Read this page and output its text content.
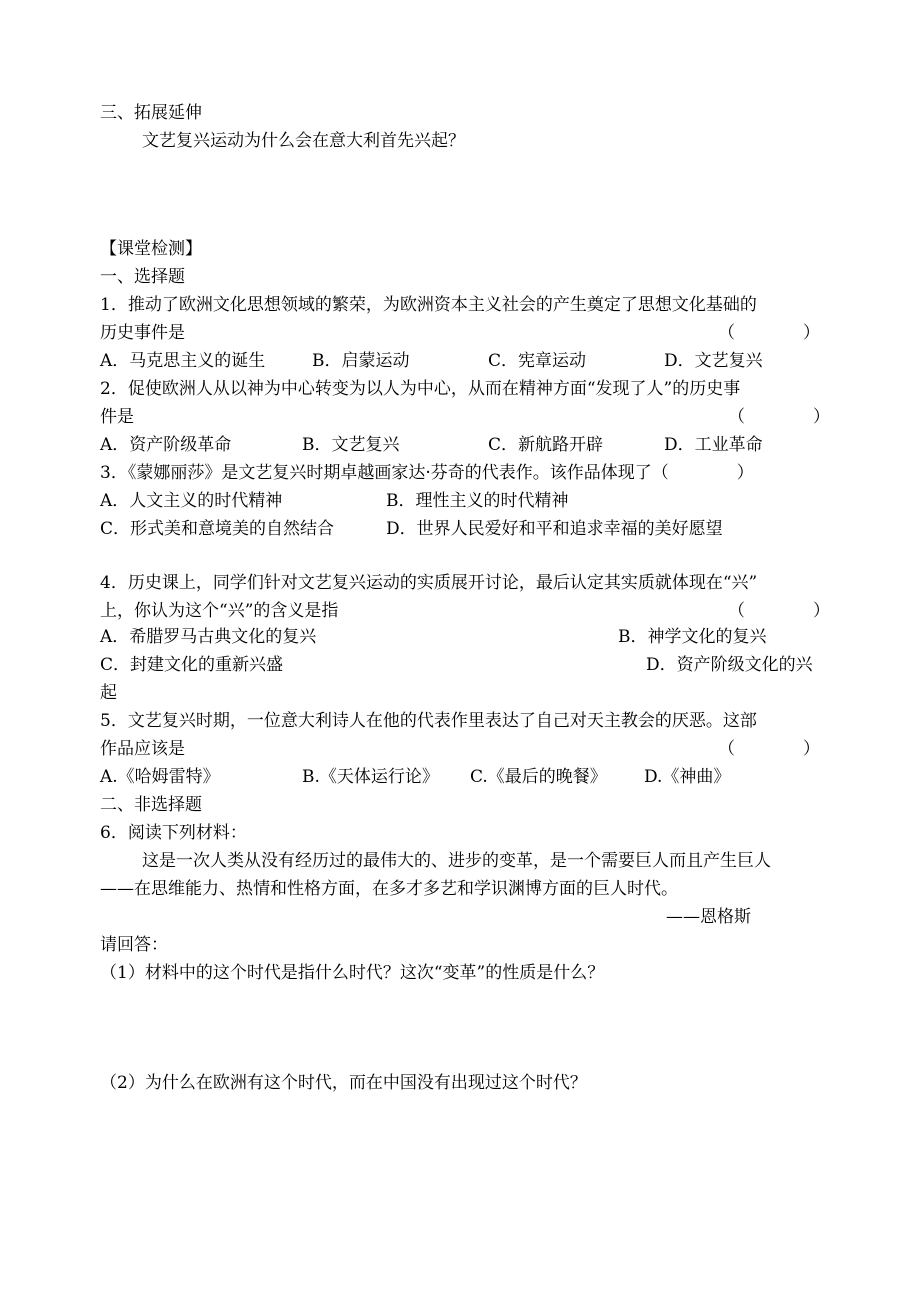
三、拓展延伸
文艺复兴运动为什么会在意大利首先兴起？
【课堂检测】
一、选择题
1．推动了欧洲文化思想领域的繁荣，为欧洲资本主义社会的产生奠定了思想文化基础的
历史事件是	（　　　　）
A．马克思主义的诞生	B．启蒙运动	C．宪章运动	D．文艺复兴
2．促使欧洲人从以神为中心转变为以人为中心，从而在精神方面“发现了人”的历史事
件是	（　　　　）
A．资产阶级革命	B．文艺复兴	C．新航路开辟	D．工业革命
3．《蒙娜丽莎》是文艺复兴时期卓越画家达·芬奇的代表作。该作品体现了（　　　　）
A．人文主义的时代精神	B．理性主义的时代精神
C．形式美和意境美的自然结合	D．世界人民爱好和平和追求幸福的美好愿望
4．历史课上，同学们针对文艺复兴运动的实质展开讨论，最后认定其实质就体现在“兴”
上，你认为这个“兴”的含义是指	（　　　　）
A．希腊罗马古典文化的复兴	B．神学文化的复兴
C．封建文化的重新兴盛	D．资产阶级文化的兴
起
5．文艺复兴时期，一位意大利诗人在他的代表作里表达了自己对天主教会的厌恶。这部
作品应该是	（　　　　）
A.《哈姆雷特》	B.《天体运行论》 C.《最后的晚餐》 D.《神曲》
二、非选择题
6．阅读下列材料：
这是一次人类从没有经历过的最伟大的、进步的变革，是一个需要巨人而且产生巨人
——在思维能力、热情和性格方面，在多才多艺和学识渊博方面的巨人时代。
——恩格斯
请回答：
（1）材料中的这个时代是指什么时代？这次“变革”的性质是什么？
（2）为什么在欧洲有这个时代，而在中国没有出现过这个时代？
